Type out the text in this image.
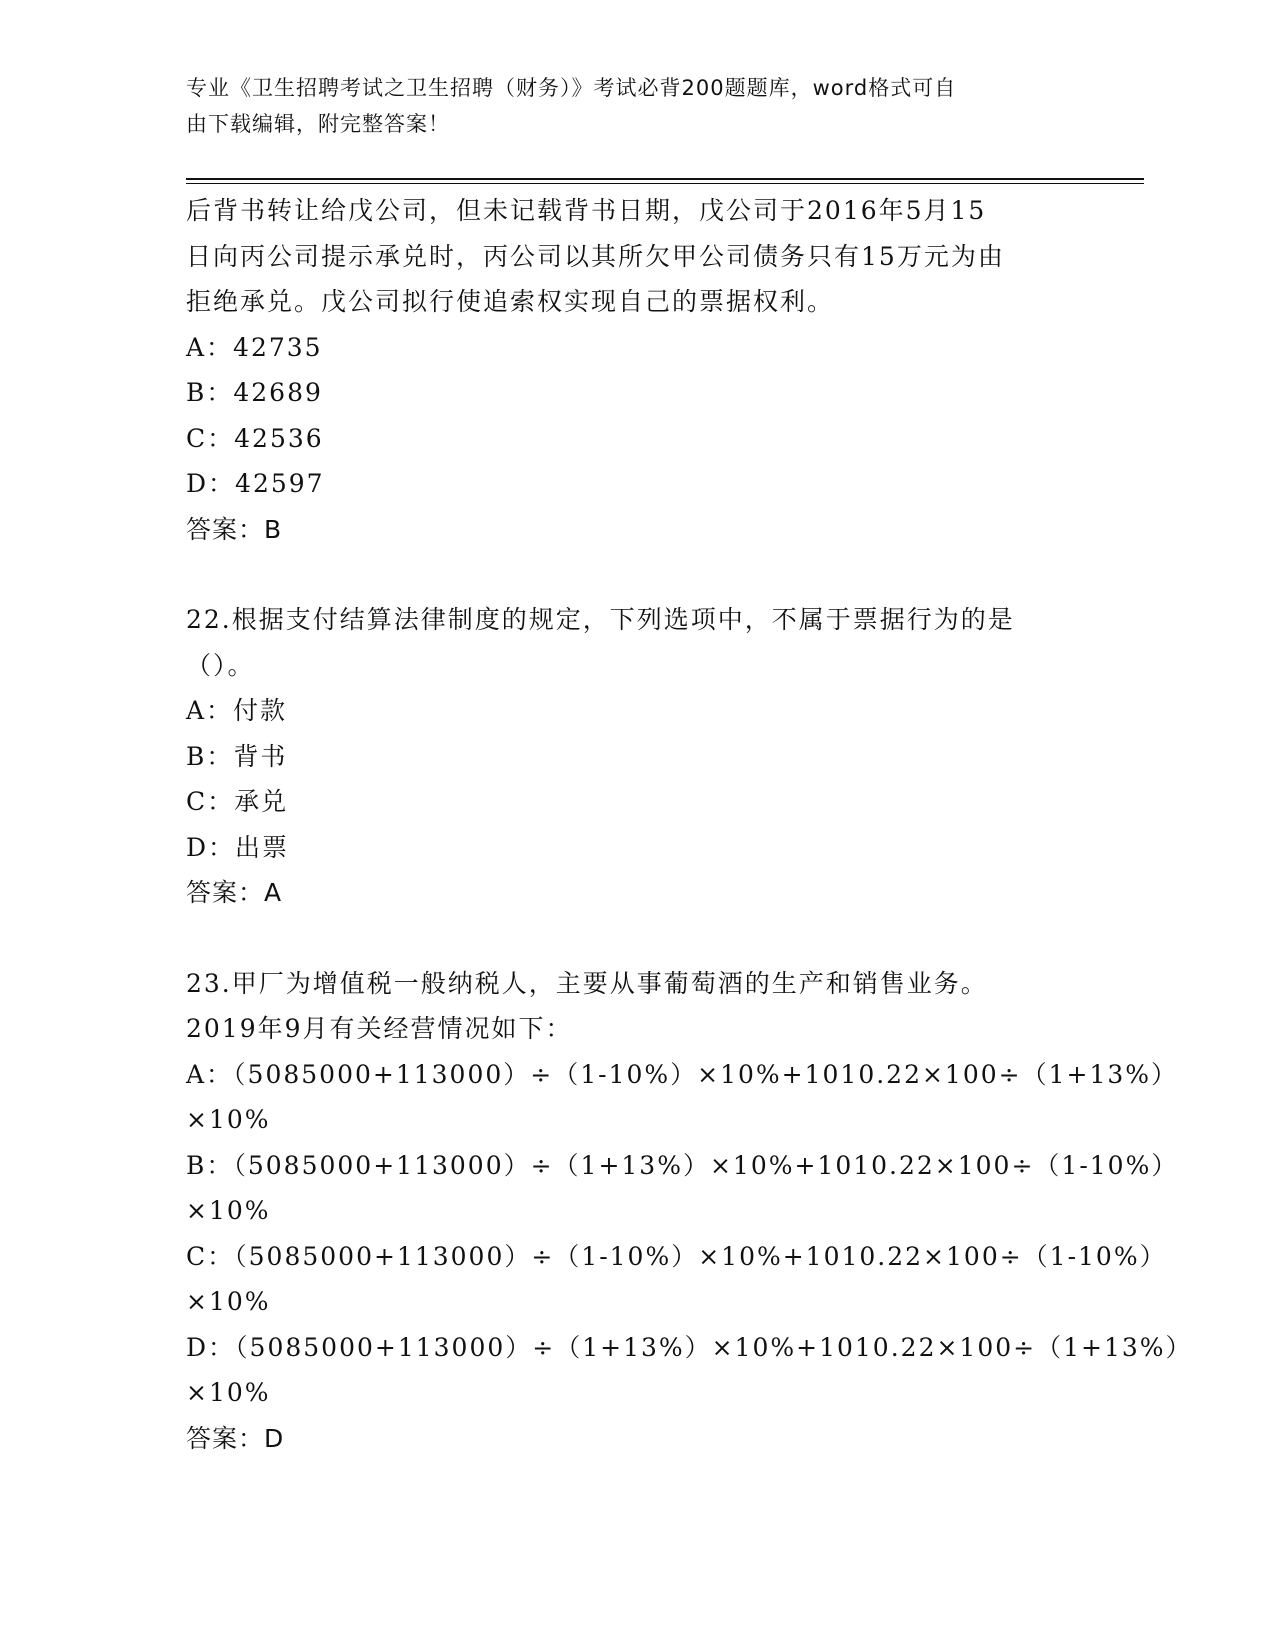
专业《卫生招聘考试之卫生招聘（财务）》考试必背200题题库，word格式可自
由下载编辑，附完整答案！
后背书转让给戊公司，但未记载背书日期，戊公司于2016年5月15
日向丙公司提示承兑时，丙公司以其所欠甲公司债务只有15万元为由
拒绝承兑。戊公司拟行使追索权实现自己的票据权利。
A：42735
B：42689
C：42536
D：42597
答案：B
22.根据支付结算法律制度的规定，下列选项中，不属于票据行为的是
（）。
A：付款
B：背书
C：承兑
D：出票
答案：A
23.甲厂为增值税一般纳税人，主要从事葡萄酒的生产和销售业务。
2019年9月有关经营情况如下：
A：（5085000+113000）÷（1-10%）×10%+1010.22×100÷（1+13%）
×10%
B：（5085000+113000）÷（1+13%）×10%+1010.22×100÷（1-10%）
×10%
C：（5085000+113000）÷（1-10%）×10%+1010.22×100÷（1-10%）
×10%
D：（5085000+113000）÷（1+13%）×10%+1010.22×100÷（1+13%）
×10%
答案：D
